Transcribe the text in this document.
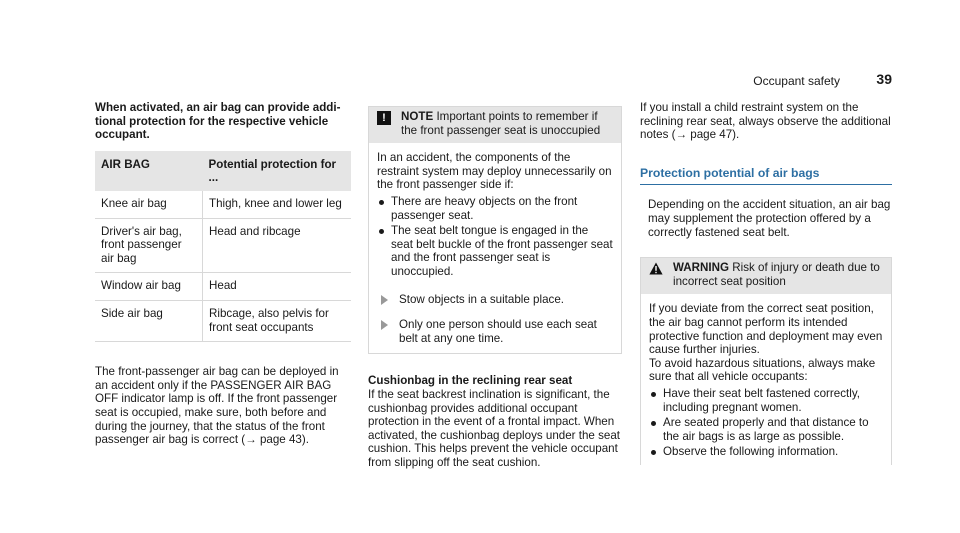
Occupant safety	39

When activated, an air bag can provide addi-
tional protection for the respective vehicle
occupant.

AIR BAG	Potential protection for ...
Knee air bag	Thigh, knee and lower leg
Driver's air bag, front passenger air bag	Head and ribcage
Window air bag	Head
Side air bag	Ribcage, also pelvis for front seat occupants

The front-passenger air bag can be deployed in an accident only if the PASSENGER AIR BAG OFF indicator lamp is off. If the front passenger seat is occupied, make sure, both before and during the journey, that the status of the front passenger air bag is correct (→ page 43).

!	NOTE Important points to remember if the front passenger seat is unoccupied

In an accident, the components of the restraint system may deploy unnecessarily on the front passenger side if:

There are heavy objects on the front passenger seat.
The seat belt tongue is engaged in the seat belt buckle of the front passenger seat and the front passenger seat is unoccupied.
Stow objects in a suitable place.
Only one person should use each seat belt at any one time.

Cushionbag in the reclining rear seat

If the seat backrest inclination is significant, the cushionbag provides additional occupant protection in the event of a frontal impact. When activated, the cushionbag deploys under the seat cushion. This helps prevent the vehicle occupant from slipping off the seat cushion.

If you install a child restraint system on the reclining rear seat, always observe the additional notes (→ page 47).

Protection potential of air bags

Depending on the accident situation, an air bag may supplement the protection offered by a correctly fastened seat belt.

WARNING Risk of injury or death due to incorrect seat position

If you deviate from the correct seat position, the air bag cannot perform its intended protective function and deployment may even cause further injuries.

To avoid hazardous situations, always make sure that all vehicle occupants:

Have their seat belt fastened correctly, including pregnant women.
Are seated properly and that distance to the air bags is as large as possible.
Observe the following information.
